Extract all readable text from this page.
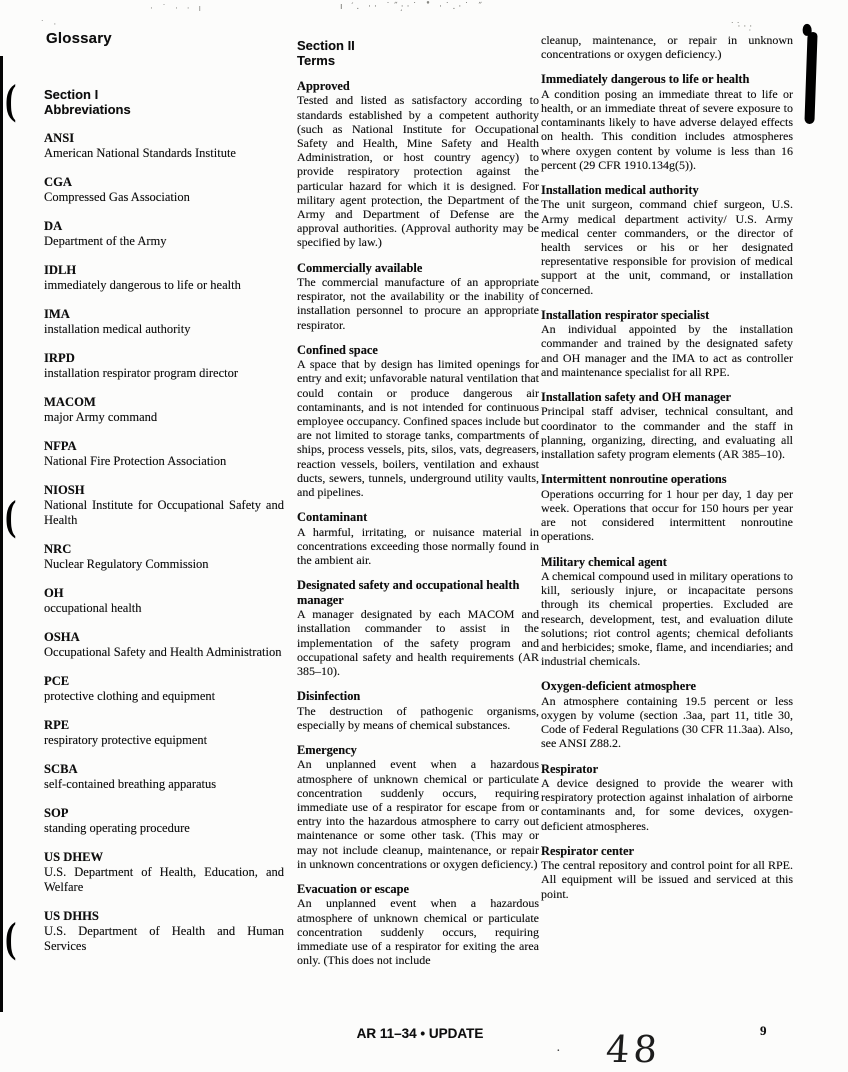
(
(
(
· ˙ · · ı	ı ′. ·· ˙˝·̦·˙ ˚̇ ·˙.·˙ ˝
˙·̇··̣
˙ ·
Glossary
Section I
Abbreviations
ANSI
American National Standards Institute
CGA
Compressed Gas Association
DA
Department of the Army
IDLH
immediately dangerous to life or health
IMA
installation medical authority
IRPD
installation respirator program director
MACOM
major Army command
NFPA
National Fire Protection Association
NIOSH
National Institute for Occupational Safety and Health
NRC
Nuclear Regulatory Commission
OH
occupational health
OSHA
Occupational Safety and Health Administration
PCE
protective clothing and equipment
RPE
respiratory protective equipment
SCBA
self-contained breathing apparatus
SOP
standing operating procedure
US DHEW
U.S. Department of Health, Education, and Welfare
US DHHS
U.S. Department of Health and Human Services
Section II
Terms
Approved
Tested and listed as satisfactory according to standards established by a competent authority (such as National Institute for Occupational Safety and Health, Mine Safety and Health Administration, or host country agency) to provide respiratory protection against the particular hazard for which it is designed. For military agent protection, the Department of the Army and Department of Defense are the approval authorities. (Approval authority may be specified by law.)
Commercially available
The commercial manufacture of an appropriate respirator, not the availability or the inability of installation personnel to procure an appropriate respirator.
Confined space
A space that by design has limited openings for entry and exit; unfavorable natural ventilation that could contain or produce dangerous air contaminants, and is not intended for continuous employee occupancy. Confined spaces include but are not limited to storage tanks, compartments of ships, process vessels, pits, silos, vats, degreasers, reaction vessels, boilers, ventilation and exhaust ducts, sewers, tunnels, underground utility vaults, and pipelines.
Contaminant
A harmful, irritating, or nuisance material in concentrations exceeding those normally found in the ambient air.
Designated safety and occupational health manager
A manager designated by each MACOM and installation commander to assist in the implementation of the safety program and occupational safety and health requirements (AR 385–10).
Disinfection
The destruction of pathogenic organisms, especially by means of chemical substances.
Emergency
An unplanned event when a hazardous atmosphere of unknown chemical or particulate concentration suddenly occurs, requiring immediate use of a respirator for escape from or entry into the hazardous atmosphere to carry out maintenance or some other task. (This may or may not include cleanup, maintenance, or repair in unknown concentrations or oxygen deficiency.)
Evacuation or escape
An unplanned event when a hazardous atmosphere of unknown chemical or particulate concentration suddenly occurs, requiring immediate use of a respirator for exiting the area only. (This does not include
cleanup, maintenance, or repair in unknown concentrations or oxygen deficiency.)
Immediately dangerous to life or health
A condition posing an immediate threat to life or health, or an immediate threat of severe exposure to contaminants likely to have adverse delayed effects on health. This condition includes atmospheres where oxygen content by volume is less than 16 percent (29 CFR 1910.134g(5)).
Installation medical authority
The unit surgeon, command chief surgeon, U.S. Army medical department activity/ U.S. Army medical center commanders, or the director of health services or his or her designated representative responsible for provision of medical support at the unit, command, or installation concerned.
Installation respirator specialist
An individual appointed by the installation commander and trained by the designated safety and OH manager and the IMA to act as controller and maintenance specialist for all RPE.
Installation safety and OH manager
Principal staff adviser, technical consultant, and coordinator to the commander and the staff in planning, organizing, directing, and evaluating all installation safety program elements (AR 385–10).
Intermittent nonroutine operations
Operations occurring for 1 hour per day, 1 day per week. Operations that occur for 150 hours per year are not considered intermittent nonroutine operations.
Military chemical agent
A chemical compound used in military operations to kill, seriously injure, or incapacitate persons through its chemical properties. Excluded are research, development, test, and evaluation dilute solutions; riot control agents; chemical defoliants and herbicides; smoke, flame, and incendiaries; and industrial chemicals.
Oxygen-deficient atmosphere
An atmosphere containing 19.5 percent or less oxygen by volume (section .3aa, part 11, title 30, Code of Federal Regulations (30 CFR 11.3aa). Also, see ANSI Z88.2.
Respirator
A device designed to provide the wearer with respiratory protection against inhalation of airborne contaminants and, for some devices, oxygen-deficient atmospheres.
Respirator center
The central repository and control point for all RPE. All equipment will be issued and serviced at this point.
AR 11–34 • UPDATE	9
· 48
